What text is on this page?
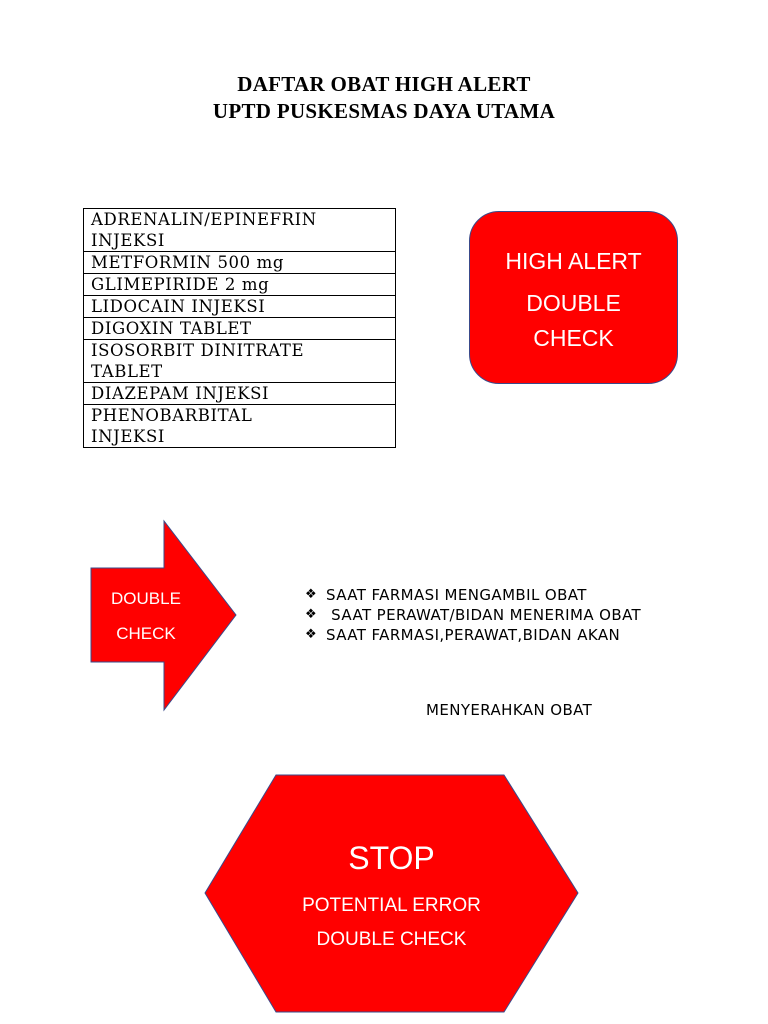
DAFTAR OBAT HIGH ALERT
UPTD PUSKESMAS DAYA UTAMA
ADRENALIN/EPINEFRIN
INJEKSI

METFORMIN 500 mg

GLIMEPIRIDE 2 mg

LIDOCAIN INJEKSI

DIGOXIN TABLET

ISOSORBIT DINITRATE
TABLET

DIAZEPAM INJEKSI

PHENOBARBITAL
INJEKSI
HIGH ALERT
DOUBLE
CHECK
DOUBLE
CHECK
❖ SAAT FARMASI MENGAMBIL OBAT
❖ SAAT PERAWAT/BIDAN MENERIMA OBAT
❖ SAAT FARMASI,PERAWAT,BIDAN AKAN
MENYERAHKAN OBAT
STOP
POTENTIAL ERROR
DOUBLE CHECK
